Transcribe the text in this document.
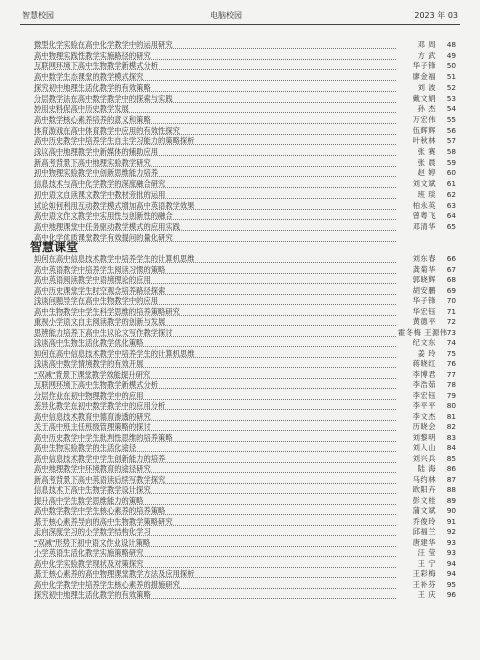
智慧校园	电脑校园	2023 年 03
智慧课堂
微型化学实验在高中化学教学中的运用研究	邓 周	48
高中物理实践性教学实施路径的研究	方 武	49
互联网环境下高中生物教学新模式分析	华子锋	50
高中数学生态课堂的教学模式探究	廖金福	51
探究初中地理生活化教学的有效策略	刘 波	52
分层教学法在高中数学教学中的探索与实践	戴文娟	53
妙用史料促高中历史教学发展	孙 杰	54
高中数学核心素养培养的意义和策略	万宏伟	55
体育游戏在高中体育教学中应用的有效性探究	伍辉辉	56
高中历史教学中培养学生自主学习能力的策略探析	叶秋林	57
浅议高中地理教学中新媒体的辅助应用	张 赛	58
新高考背景下高中地理实验教学研究	张 晨	59
初中物理实验教学中创新思维能力培养	赵 婷	60
信息技术与高中化学教学的深度融合研究	刘文斌	61
初中语文自读课文教学中教材旁批的运用	班 琰	62
试论如何利用互动教学模式增加高中英语教学效果	柏永英	63
高中语文作文教学中实用性与创新性的融合	曾粤飞	64
高中地理课堂中任务驱动教学模式的应用实践	邓清华	65
高中化学优质课堂教学有效提问的量化研究
如何在高中信息技术教学中培养学生的计算机思维	刘东春	66
高中英语教学中培养学生阅读习惯的策略	龚菊华	67
高中英语阅读教学中语境理论的应用	郭晓辉	68
高中历史课堂学生时空观念培养路径探索	胡安鹏	69
浅谈问题导学在高中生物教学中的应用	华子锋	70
高中生物教学中学生科学思维的培养策略研究	华宏钰	71
重视小学语文自主阅读教学的创新与发展	黄德平	72
思辨能力培养下高中生议论文写作教学探讨	霍冬梅 王源伟 73
浅谈高中生物生活化教学优化策略	纪文东	74
如何在高中信息技术教学中培养学生的计算机思维	姜 玲	75
浅谈高中数学情境教学的有效开展	蒋晓红	76
"双减"背景下课堂教学效能提升研究	李博君	77
互联网环境下高中生物教学新模式分析	李浩茹	78
分层作业在初中物理教学中的应用	李宏钰	79
差异化教学在初中数学教学中的应用分析	李平平	80
高中信息技术教育中德育渗透的研究	李文杰	81
关于高中班主任班级管理策略的探讨	历晓会	82
高中历史教学中学生批判性思维的培养策略	刘黎明	83
高中生物实验教学的生活化途径	刘人山	84
高中信息技术教学中学生创新能力的培养	刘兴兵	85
高中地理教学中环境教育的途径研究	陆 海	86
新高考背景下高中英语读后续写教学探究	马约林	87
信息技术下高中生物学教学设计探究	欧阳卉	88
提升高中学生数学思维能力的策略	彭文桂	89
高中数学教学中学生核心素养的培养策略	蒲文斌	90
基于核心素养导向的高中生物教学策略研究	乔俊玲	91
走向深度学习的小学数学结构化学习	邱福兰	92
"双减"形势下初中语文作业设计策略	唐建华	93
小学英语生活化教学实施策略研究	汪 莹	93
高中化学实验教学现状及对策探究	王 宁	94
基于核心素养的高中物理课堂教学方法及应用探析	王彩梅	94
高中化学教学中培养学生核心素养的措施研究	王补芬	95
探究初中地理生活化教学的有效策略	王 庆	96
